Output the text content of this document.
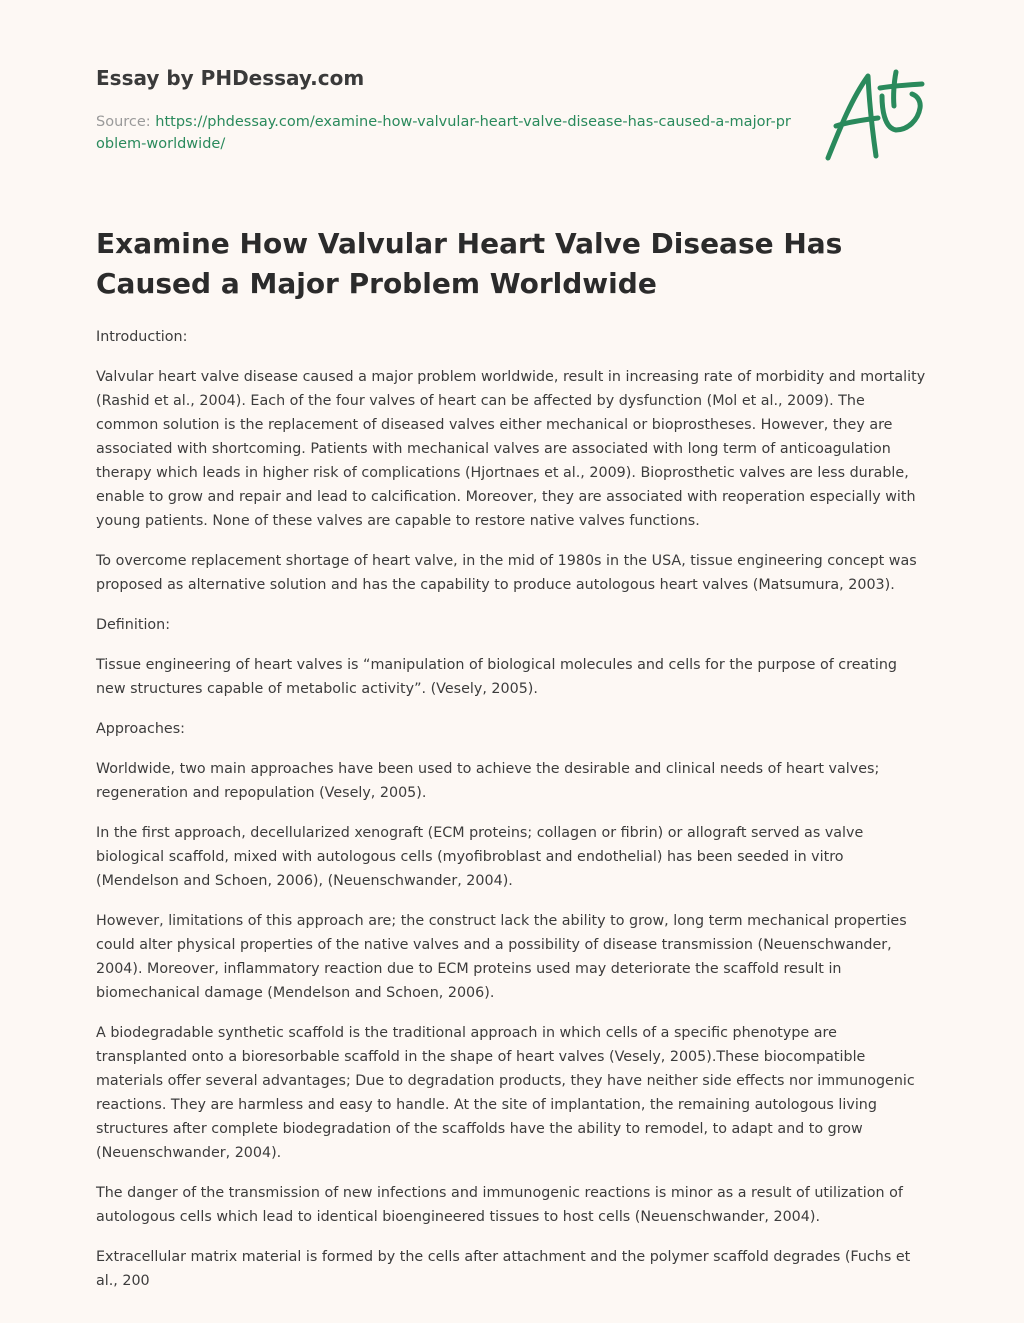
Essay by PHDessay.com

Source: https://phdessay.com/examine-how-valvular-heart-valve-disease-has-caused-a-major-problem-worldwide/

Examine How Valvular Heart Valve Disease Has Caused a Major Problem Worldwide

Introduction:

Valvular heart valve disease caused a major problem worldwide, result in increasing rate of morbidity and mortality (Rashid et al., 2004). Each of the four valves of heart can be affected by dysfunction (Mol et al., 2009). The common solution is the replacement of diseased valves either mechanical or bioprostheses. However, they are associated with shortcoming. Patients with mechanical valves are associated with long term of anticoagulation therapy which leads in higher risk of complications (Hjortnaes et al., 2009). Bioprosthetic valves are less durable, enable to grow and repair and lead to calcification. Moreover, they are associated with reoperation especially with young patients. None of these valves are capable to restore native valves functions.

To overcome replacement shortage of heart valve, in the mid of 1980s in the USA, tissue engineering concept was proposed as alternative solution and has the capability to produce autologous heart valves (Matsumura, 2003).

Definition:

Tissue engineering of heart valves is “manipulation of biological molecules and cells for the purpose of creating new structures capable of metabolic activity”. (Vesely, 2005).

Approaches:

Worldwide, two main approaches have been used to achieve the desirable and clinical needs of heart valves; regeneration and repopulation (Vesely, 2005).

In the first approach, decellularized xenograft (ECM proteins; collagen or fibrin) or allograft served as valve biological scaffold, mixed with autologous cells (myofibroblast and endothelial) has been seeded in vitro (Mendelson and Schoen, 2006), (Neuenschwander, 2004).

However, limitations of this approach are; the construct lack the ability to grow, long term mechanical properties could alter physical properties of the native valves and a possibility of disease transmission (Neuenschwander, 2004). Moreover, inflammatory reaction due to ECM proteins used may deteriorate the scaffold result in biomechanical damage (Mendelson and Schoen, 2006).

A biodegradable synthetic scaffold is the traditional approach in which cells of a specific phenotype are transplanted onto a bioresorbable scaffold in the shape of heart valves (Vesely, 2005).These biocompatible materials offer several advantages; Due to degradation products, they have neither side effects nor immunogenic reactions. They are harmless and easy to handle. At the site of implantation, the remaining autologous living structures after complete biodegradation of the scaffolds have the ability to remodel, to adapt and to grow (Neuenschwander, 2004).

The danger of the transmission of new infections and immunogenic reactions is minor as a result of utilization of autologous cells which lead to identical bioengineered tissues to host cells (Neuenschwander, 2004).

Extracellular matrix material is formed by the cells after attachment and the polymer scaffold degrades (Fuchs et al., 200
